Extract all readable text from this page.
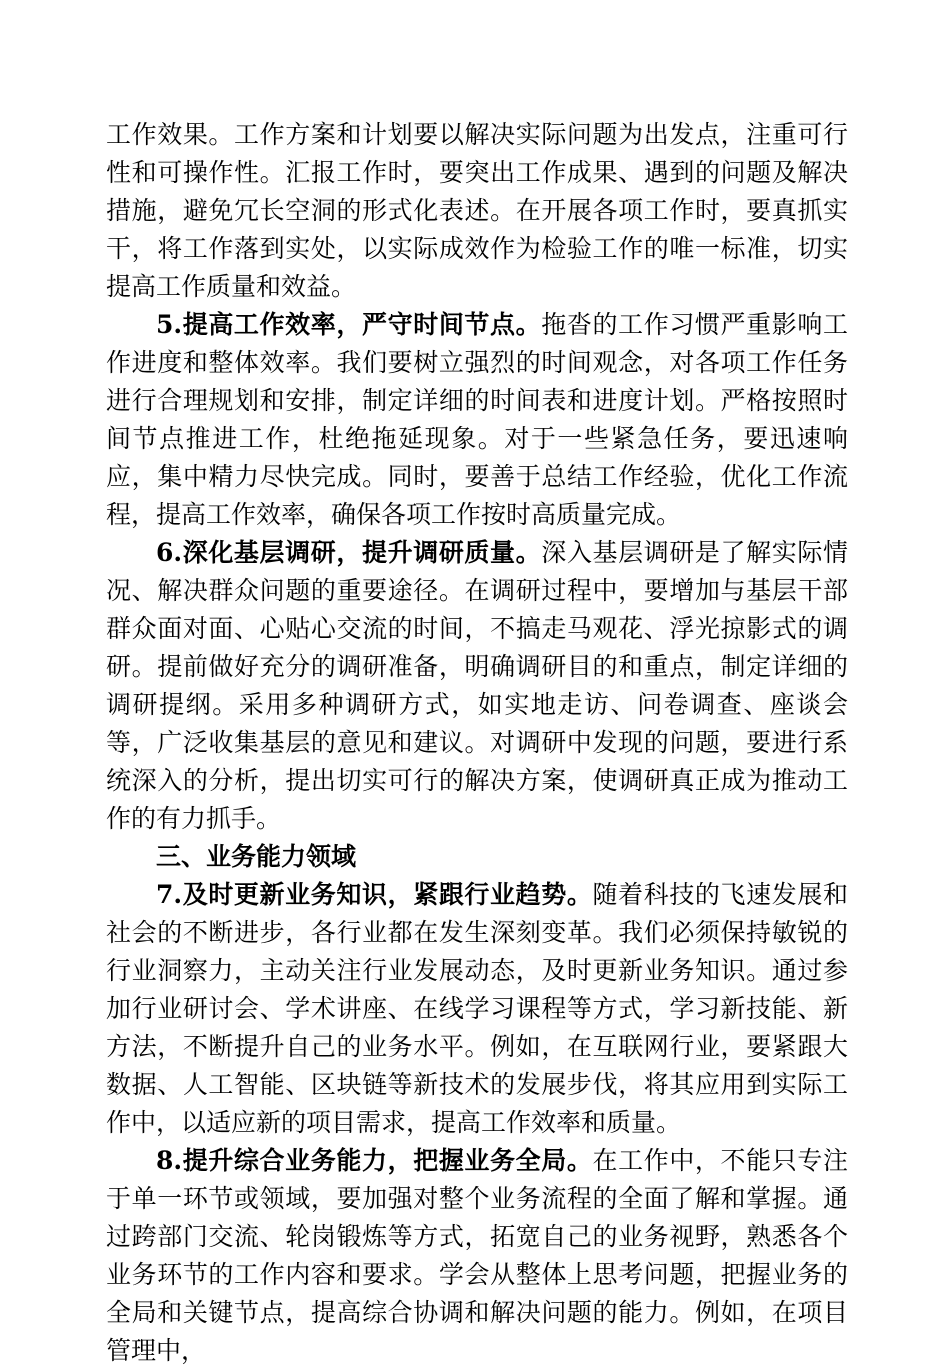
工作效果。工作方案和计划要以解决实际问题为出发点，注重可行性和可操作性。汇报工作时，要突出工作成果、遇到的问题及解决措施，避免冗长空洞的形式化表述。在开展各项工作时，要真抓实干，将工作落到实处，以实际成效作为检验工作的唯一标准，切实提高工作质量和效益。

5.提高工作效率，严守时间节点。拖沓的工作习惯严重影响工作进度和整体效率。我们要树立强烈的时间观念，对各项工作任务进行合理规划和安排，制定详细的时间表和进度计划。严格按照时间节点推进工作，杜绝拖延现象。对于一些紧急任务，要迅速响应，集中精力尽快完成。同时，要善于总结工作经验，优化工作流程，提高工作效率，确保各项工作按时高质量完成。

6.深化基层调研，提升调研质量。深入基层调研是了解实际情况、解决群众问题的重要途径。在调研过程中，要增加与基层干部群众面对面、心贴心交流的时间，不搞走马观花、浮光掠影式的调研。提前做好充分的调研准备，明确调研目的和重点，制定详细的调研提纲。采用多种调研方式，如实地走访、问卷调查、座谈会等，广泛收集基层的意见和建议。对调研中发现的问题，要进行系统深入的分析，提出切实可行的解决方案，使调研真正成为推动工作的有力抓手。

三、业务能力领域

7.及时更新业务知识，紧跟行业趋势。随着科技的飞速发展和社会的不断进步，各行业都在发生深刻变革。我们必须保持敏锐的行业洞察力，主动关注行业发展动态，及时更新业务知识。通过参加行业研讨会、学术讲座、在线学习课程等方式，学习新技能、新方法，不断提升自己的业务水平。例如，在互联网行业，要紧跟大数据、人工智能、区块链等新技术的发展步伐，将其应用到实际工作中，以适应新的项目需求，提高工作效率和质量。

8.提升综合业务能力，把握业务全局。在工作中，不能只专注于单一环节或领域，要加强对整个业务流程的全面了解和掌握。通过跨部门交流、轮岗锻炼等方式，拓宽自己的业务视野，熟悉各个业务环节的工作内容和要求。学会从整体上思考问题，把握业务的全局和关键节点，提高综合协调和解决问题的能力。例如，在项目管理中，
